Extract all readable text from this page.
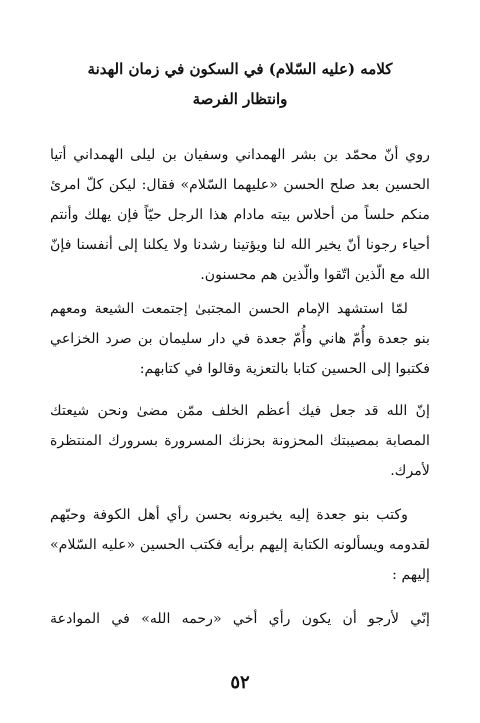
كلامه (عليه السّلام) في السكون في زمان الهدنة
وانتظار الفرصة
روي أنّ محمّد بن بشر الهمداني وسفيان بن ليلى الهمداني أتيا
الحسين بعد صلح الحسن «عليهما السّلام» فقال: ليكن كلّ امرئ
منكم حلساً من أحلاس بيته مادام هذا الرجل حيّاً فإن يهلك وأنتم
أحياء رجونا أنّ يخير الله لنا ويؤتينا رشدنا ولا يكلنا إلى أنفسنا فإنّ
الله مع الّذين اتّقوا والّذين هم محسنون.
لمّا استشهد الإمام الحسن المجتبىٰ إجتمعت الشيعة ومعهم
بنو جعدة وأُمّ هاني وأُمّ جعدة في دار سليمان بن صرد الخزاعي
فكتبوا إلى الحسين كتابا بالتعزية وقالوا في كتابهم:
إنّ الله قد جعل فيك أعظم الخلف ممّن مضىٰ ونحن شيعتك
المصابة بمصيبتك المحزونة بحزنك المسرورة بسرورك المنتظرة
لأمرك.
وكتب بنو جعدة إليه يخبرونه بحسن رأي أهل الكوفة وحبّهم
لقدومه ويسألونه الكتابة إليهم برأيه فكتب الحسين «عليه السّلام»
إليهم :
إنّي لأرجو أن يكون رأي أخي «رحمه الله» في الموادعة
٥٢
